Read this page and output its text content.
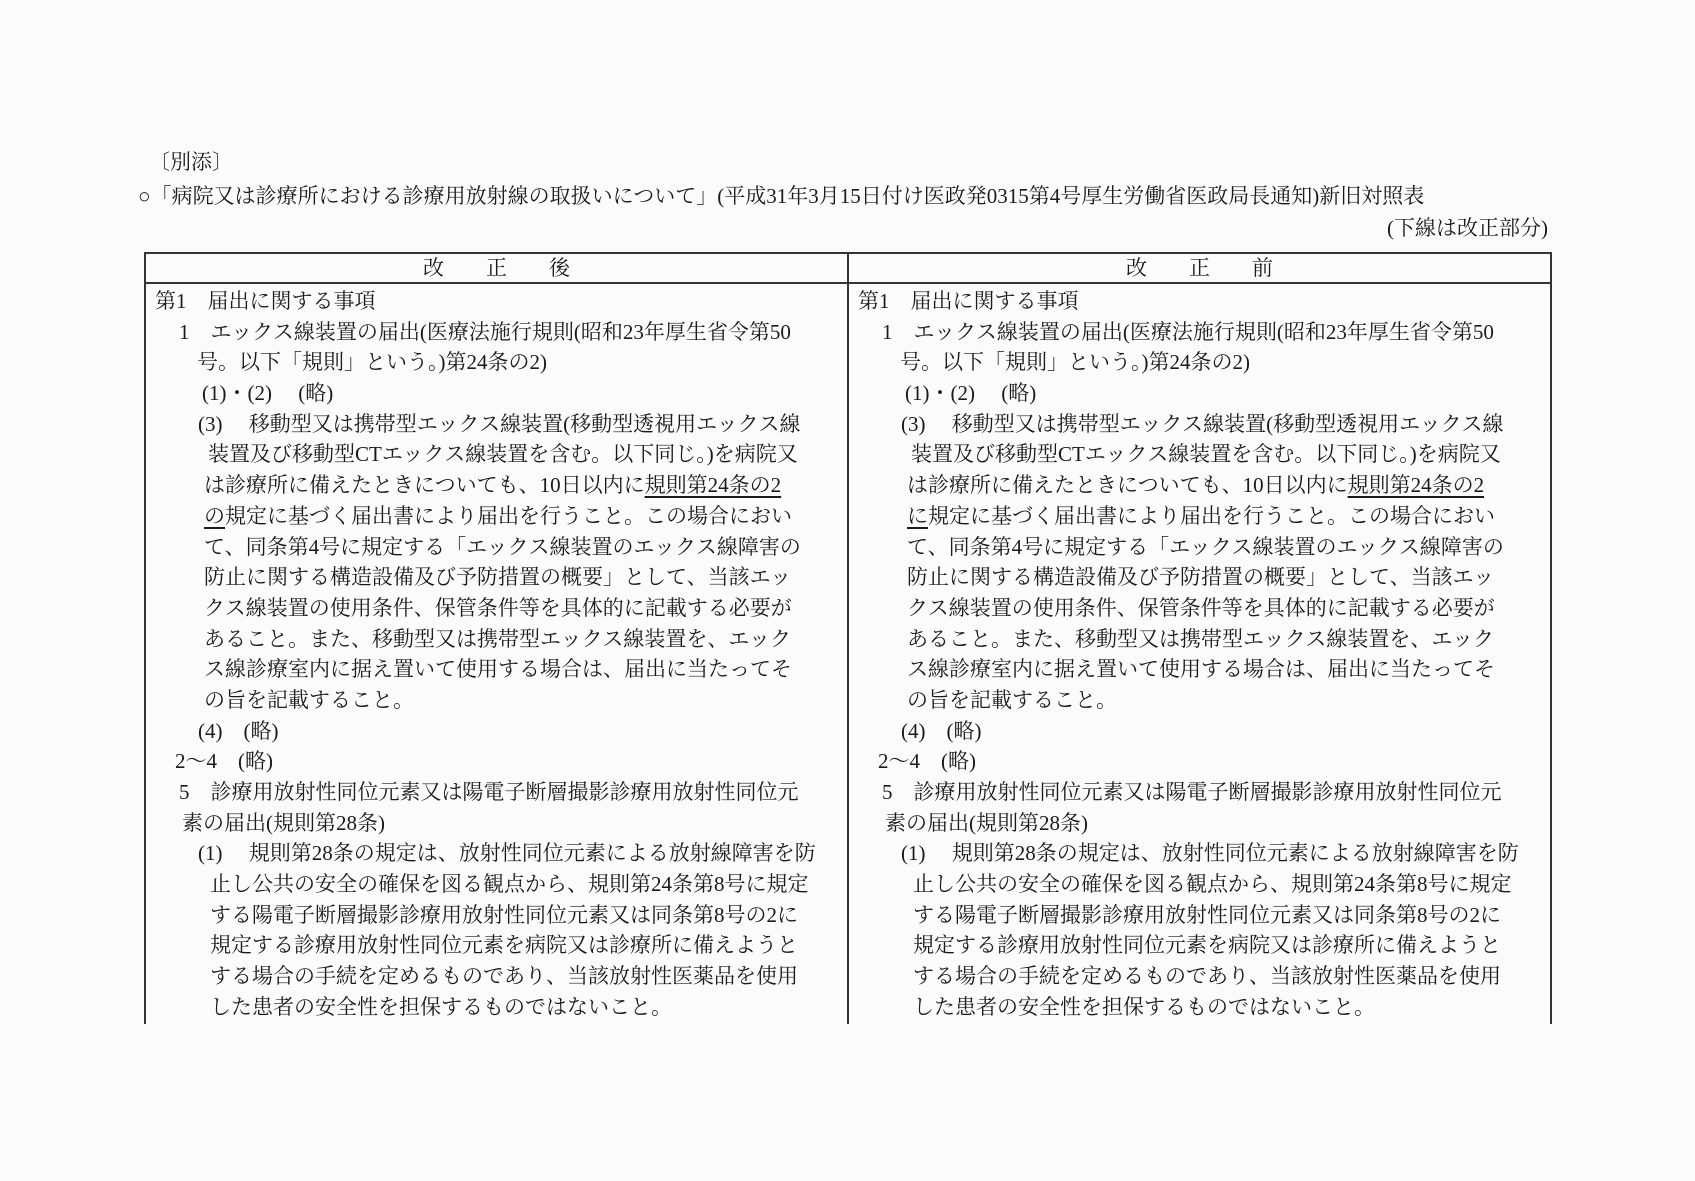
〔別添〕
○「病院又は診療所における診療用放射線の取扱いについて」(平成31年3月15日付け医政発0315第4号厚生労働省医政局長通知)新旧対照表
(下線は改正部分)
改　　正　　後	改　　正　　前
第1　届出に関する事項
1　エックス線装置の届出(医療法施行規則(昭和23年厚生省令第50
号。以下「規則」という。)第24条の2)
(1)・(2)　 (略)
(3)　 移動型又は携帯型エックス線装置(移動型透視用エックス線
装置及び移動型CTエックス線装置を含む。以下同じ。)を病院又
は診療所に備えたときについても、10日以内に規則第24条の2
の規定に基づく届出書により届出を行うこと。この場合におい
て、同条第4号に規定する「エックス線装置のエックス線障害の
防止に関する構造設備及び予防措置の概要」として、当該エッ
クス線装置の使用条件、保管条件等を具体的に記載する必要が
あること。また、移動型又は携帯型エックス線装置を、エック
ス線診療室内に据え置いて使用する場合は、届出に当たってそ
の旨を記載すること。
(4)　(略)
2〜4　(略)
5　診療用放射性同位元素又は陽電子断層撮影診療用放射性同位元
素の届出(規則第28条)
(1)　 規則第28条の規定は、放射性同位元素による放射線障害を防
止し公共の安全の確保を図る観点から、規則第24条第8号に規定
する陽電子断層撮影診療用放射性同位元素又は同条第8号の2に
規定する診療用放射性同位元素を病院又は診療所に備えようと
する場合の手続を定めるものであり、当該放射性医薬品を使用
した患者の安全性を担保するものではないこと。
第1　届出に関する事項
1　エックス線装置の届出(医療法施行規則(昭和23年厚生省令第50
号。以下「規則」という。)第24条の2)
(1)・(2)　 (略)
(3)　 移動型又は携帯型エックス線装置(移動型透視用エックス線
装置及び移動型CTエックス線装置を含む。以下同じ。)を病院又
は診療所に備えたときについても、10日以内に規則第24条の2
に規定に基づく届出書により届出を行うこと。この場合におい
て、同条第4号に規定する「エックス線装置のエックス線障害の
防止に関する構造設備及び予防措置の概要」として、当該エッ
クス線装置の使用条件、保管条件等を具体的に記載する必要が
あること。また、移動型又は携帯型エックス線装置を、エック
ス線診療室内に据え置いて使用する場合は、届出に当たってそ
の旨を記載すること。
(4)　(略)
2〜4　(略)
5　診療用放射性同位元素又は陽電子断層撮影診療用放射性同位元
素の届出(規則第28条)
(1)　 規則第28条の規定は、放射性同位元素による放射線障害を防
止し公共の安全の確保を図る観点から、規則第24条第8号に規定
する陽電子断層撮影診療用放射性同位元素又は同条第8号の2に
規定する診療用放射性同位元素を病院又は診療所に備えようと
する場合の手続を定めるものであり、当該放射性医薬品を使用
した患者の安全性を担保するものではないこと。
